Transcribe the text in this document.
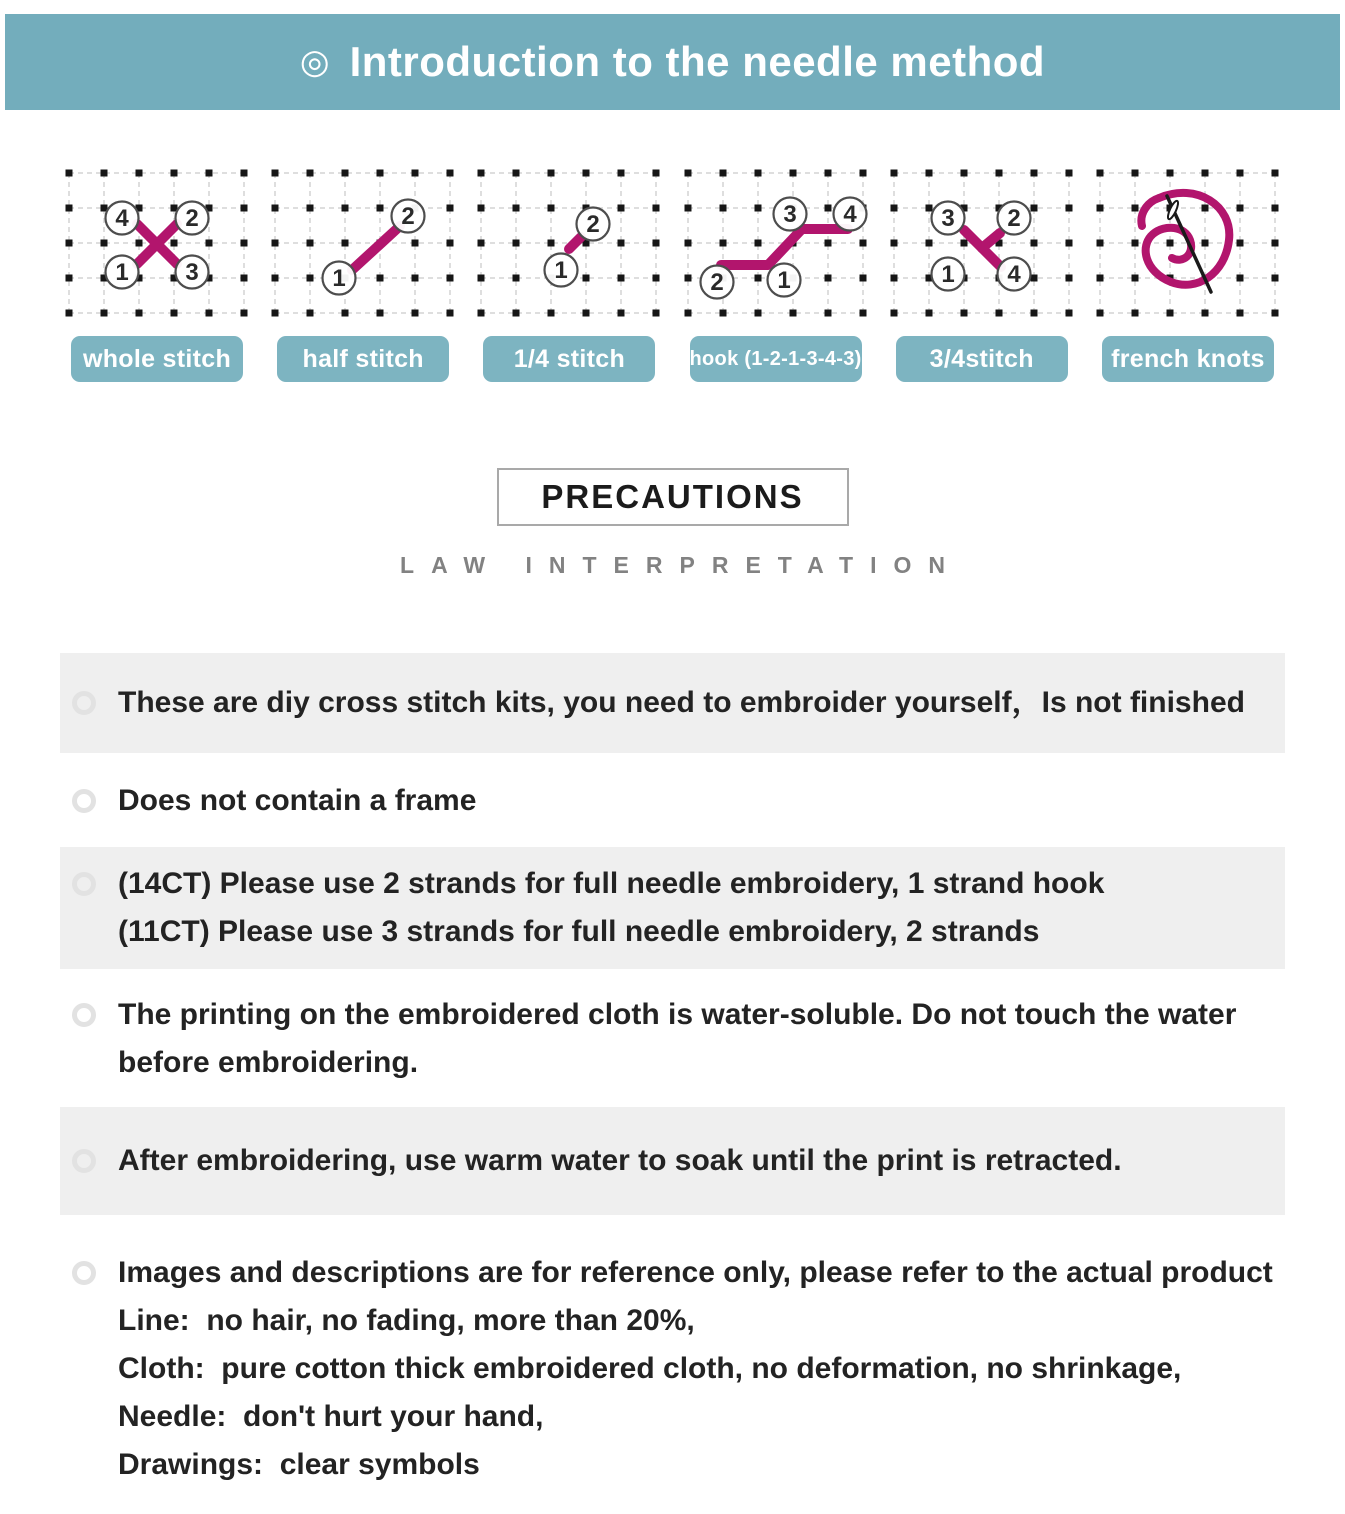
◎ Introduction to the needle method
4 2
1 3
whole stitch
1
2
half stitch
1
2
1/4 stitch
2 1
3 4
hook (1-2-1-3-4-3)
3 2
1 4
3/4stitch	french knots
PRECAUTIONS
LAW INTERPRETATION
These are diy cross stitch kits, you need to embroider yourself，Is not finished
Does not contain a frame
(14CT) Please use 2 strands for full needle embroidery, 1 strand hook
(11CT) Please use 3 strands for full needle embroidery, 2 strands
The printing on the embroidered cloth is water-soluble. Do not touch the water
before embroidering.
After embroidering, use warm water to soak until the print is retracted.
Images and descriptions are for reference only, please refer to the actual product
Line:  no hair, no fading, more than 20%,
Cloth:  pure cotton thick embroidered cloth, no deformation, no shrinkage,
Needle:  don't hurt your hand,
Drawings:  clear symbols
